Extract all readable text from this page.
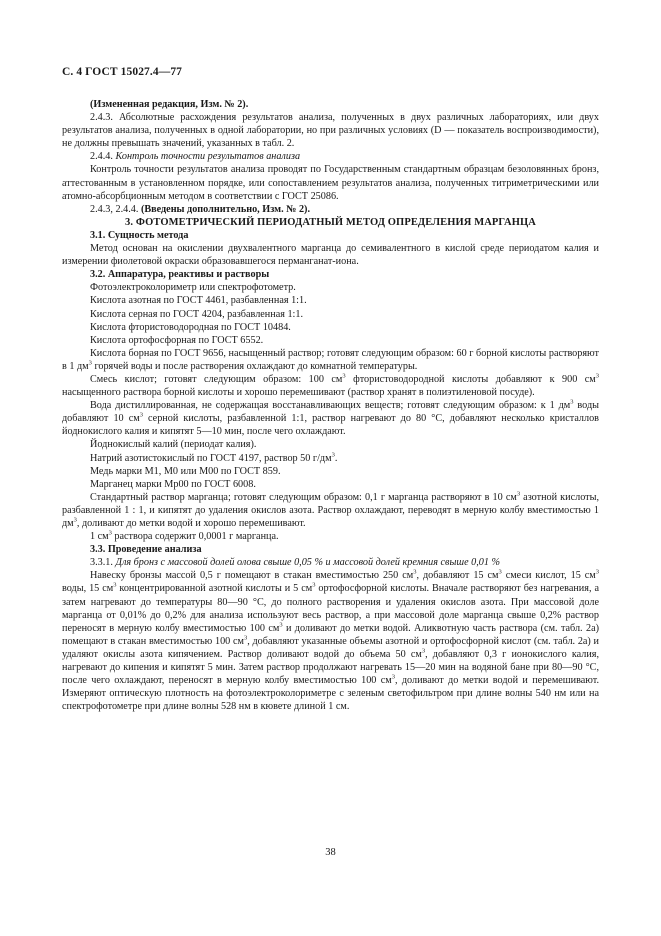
С. 4 ГОСТ 15027.4—77

(Измененная редакция, Изм. № 2).

2.4.3. Абсолютные расхождения результатов анализа, полученных в двух различных лабораториях, или двух результатов анализа, полученных в одной лаборатории, но при различных условиях (D — показатель воспроизводимости), не должны превышать значений, указанных в табл. 2.

2.4.4. Контроль точности результатов анализа

Контроль точности результатов анализа проводят по Государственным стандартным образцам безоловянных бронз, аттестованным в установленном порядке, или сопоставлением результатов анализа, полученных титриметрическими или атомно-абсорбционным методом в соответствии с ГОСТ 25086.

2.4.3, 2.4.4. (Введены дополнительно, Изм. № 2).

3. ФОТОМЕТРИЧЕСКИЙ ПЕРИОДАТНЫЙ МЕТОД ОПРЕДЕЛЕНИЯ МАРГАНЦА

3.1. Сущность метода

Метод основан на окислении двухвалентного марганца до семивалентного в кислой среде периодатом калия и измерении фиолетовой окраски образовавшегося перманганат-иона.

3.2. Аппаратура, реактивы и растворы

Фотоэлектроколориметр или спектрофотометр.

Кислота азотная по ГОСТ 4461, разбавленная 1:1.

Кислота серная по ГОСТ 4204, разбавленная 1:1.

Кислота фтористоводородная по ГОСТ 10484.

Кислота ортофосфорная по ГОСТ 6552.

Кислота борная по ГОСТ 9656, насыщенный раствор; готовят следующим образом: 60 г борной кислоты растворяют в 1 $дм^3$ горячей воды и после растворения охлаждают до комнатной температуры.

Смесь кислот; готовят следующим образом: 100 $см^3$ фтористоводородной кислоты добавляют к 900 $см^3$ насыщенного раствора борной кислоты и хорошо перемешивают (раствор хранят в полиэтиленовой посуде).

Вода дистиллированная, не содержащая восстанавливающих веществ; готовят следующим образом: к 1 $дм^3$ воды добавляют 10 $см^3$ серной кислоты, разбавленной 1:1, раствор нагревают до 80 °С, добавляют несколько кристаллов йоднокислого калия и кипятят 5—10 мин, после чего охлаждают.

Йоднокислый калий (периодат калия).

Натрий азотистокислый по ГОСТ 4197, раствор 50 $г/дм^3$.

Медь марки М1, М0 или М00 по ГОСТ 859.

Марганец марки Мр00 по ГОСТ 6008.

Стандартный раствор марганца; готовят следующим образом: 0,1 г марганца растворяют в 10 $см^3$ азотной кислоты, разбавленной 1 : 1, и кипятят до удаления окислов азота. Раствор охлаждают, переводят в мерную колбу вместимостью 1 $дм^3$, доливают до метки водой и хорошо перемешивают.

1 $см^3$ раствора содержит 0,0001 г марганца.

3.3. Проведение анализа

3.3.1. Для бронз с массовой долей олова свыше 0,05 % и массовой долей кремния свыше 0,01 %

Навеску бронзы массой 0,5 г помещают в стакан вместимостью 250 $см^3$, добавляют 15 $см^3$ смеси кислот, 15 $см^3$ воды, 15 $см^3$ концентрированной азотной кислоты и 5 $см^3$ ортофосфорной кислоты. Вначале растворяют без нагревания, а затем нагревают до температуры 80—90 °С, до полного растворения и удаления окислов азота. При массовой доле марганца от 0,01% до 0,2% для анализа используют весь раствор, а при массовой доле марганца свыше 0,2% раствор переносят в мерную колбу вместимостью 100 $см^3$ и доливают до метки водой. Аликвотную часть раствора (см. табл. 2а) помещают в стакан вместимостью 100 $см^3$, добавляют указанные объемы азотной и ортофосфорной кислот (см. табл. 2а) и удаляют окислы азота кипячением. Раствор доливают водой до объема 50 $см^3$, добавляют 0,3 г ионокислого калия, нагревают до кипения и кипятят 5 мин. Затем раствор продолжают нагревать 15—20 мин на водяной бане при 80—90 °С, после чего охлаждают, переносят в мерную колбу вместимостью 100 $см^3$, доливают до метки водой и перемешивают. Измеряют оптическую плотность на фотоэлектроколориметре с зеленым светофильтром при длине волны 540 нм или на спектрофотометре при длине волны 528 нм в кювете длиной 1 см.

38
